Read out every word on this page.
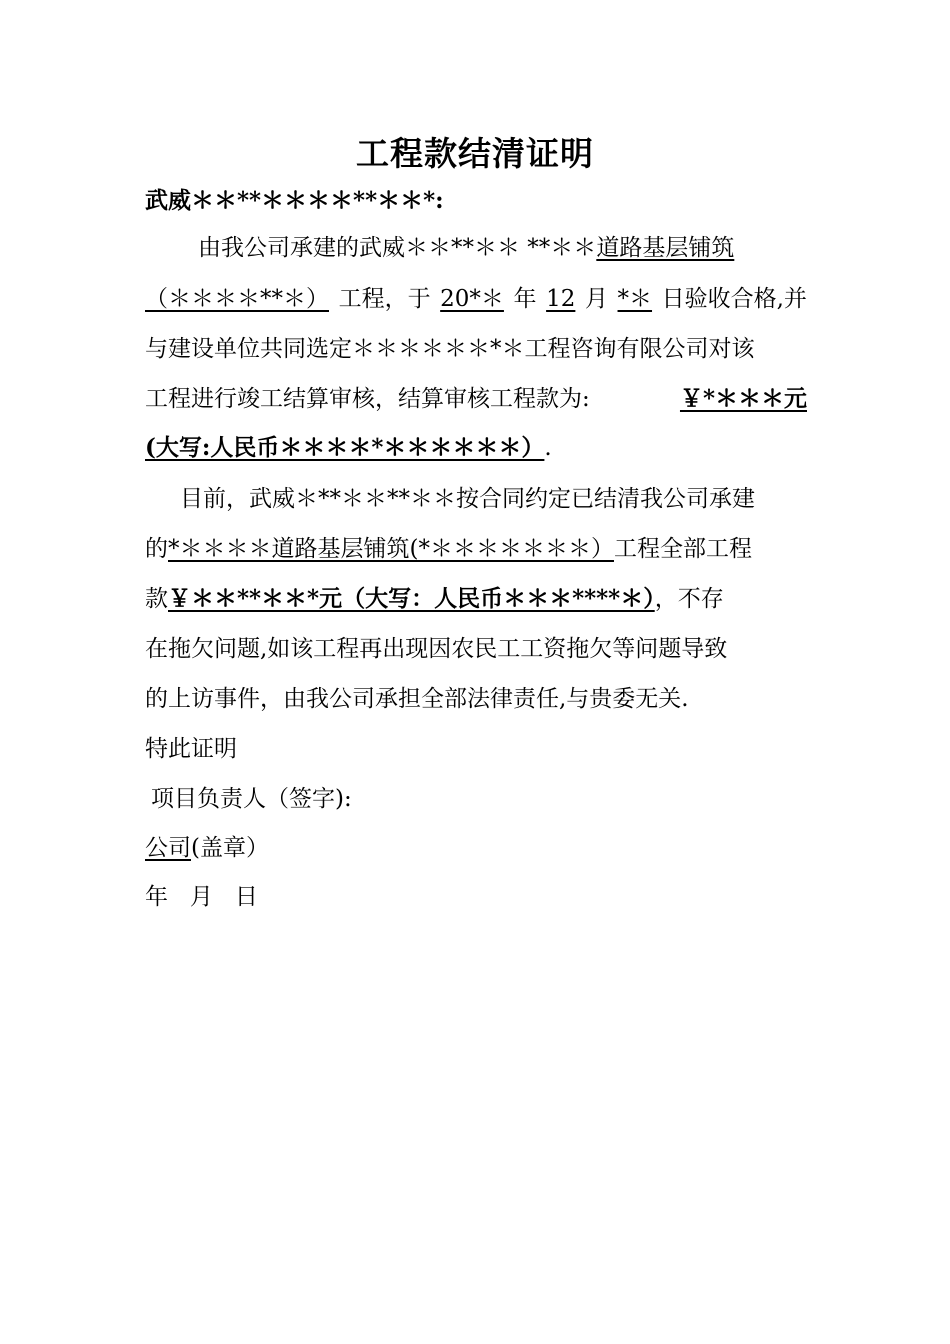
工程款结清证明
武威＊＊**＊＊＊＊**＊＊*:
由我公司承建的武威＊＊**＊＊ **＊＊道路基层铺筑
（＊＊＊＊**＊） 工程，于 20*＊ 年 12 月 *＊ 日验收合格,并
与建设单位共同选定＊＊＊＊＊＊*＊工程咨询有限公司对该
工程进行竣工结算审核，结算审核工程款为:	￥*＊＊＊元
(大写:人民币＊＊＊＊*＊＊＊＊＊＊）.
目前，武威＊**＊＊**＊＊按合同约定已结清我公司承建
的*＊＊＊＊道路基层铺筑(*＊＊＊＊＊＊＊）工程全部工程
款￥＊＊**＊＊*元（大写：人民币＊＊＊****＊），不存
在拖欠问题,如该工程再出现因农民工工资拖欠等问题导致
的上访事件，由我公司承担全部法律责任,与贵委无关.
特此证明
项目负责人（签字):
公司(盖章）
年   月   日
